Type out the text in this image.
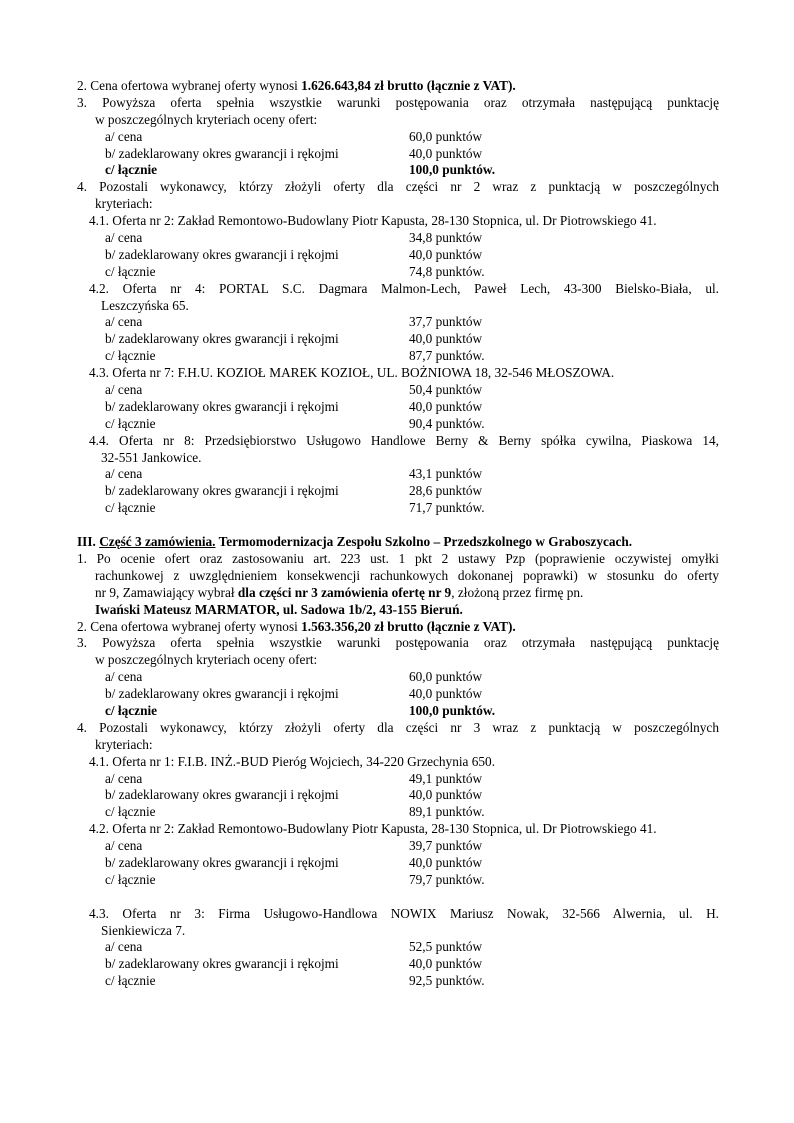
2. Cena ofertowa wybranej oferty wynosi 1.626.643,84 zł brutto (łącznie z VAT).
3. Powyższa oferta spełnia wszystkie warunki postępowania oraz otrzymała następującą punktację
w poszczególnych kryteriach oceny ofert:
a/ cena	60,0 punktów
b/ zadeklarowany okres gwarancji i rękojmi	40,0 punktów
c/ łącznie	100,0 punktów.
4. Pozostali wykonawcy, którzy złożyli oferty dla części nr 2 wraz z punktacją w poszczególnych
kryteriach:
4.1. Oferta nr 2: Zakład Remontowo-Budowlany Piotr Kapusta, 28-130 Stopnica, ul. Dr Piotrowskiego 41.
a/ cena	34,8 punktów
b/ zadeklarowany okres gwarancji i rękojmi	40,0 punktów
c/ łącznie	74,8 punktów.
4.2. Oferta nr 4: PORTAL S.C. Dagmara Malmon-Lech, Paweł Lech, 43-300 Bielsko-Biała, ul.
Leszczyńska 65.
a/ cena	37,7 punktów
b/ zadeklarowany okres gwarancji i rękojmi	40,0 punktów
c/ łącznie	87,7 punktów.
4.3. Oferta nr 7: F.H.U. KOZIOŁ MAREK KOZIOŁ, UL. BOŻNIOWA 18, 32-546 MŁOSZOWA.
a/ cena	50,4 punktów
b/ zadeklarowany okres gwarancji i rękojmi	40,0 punktów
c/ łącznie	90,4 punktów.
4.4. Oferta nr 8: Przedsiębiorstwo Usługowo Handlowe Berny & Berny spółka cywilna, Piaskowa 14,
32-551 Jankowice.
a/ cena	43,1 punktów
b/ zadeklarowany okres gwarancji i rękojmi	28,6 punktów
c/ łącznie	71,7 punktów.
III. Część 3 zamówienia. Termomodernizacja Zespołu Szkolno – Przedszkolnego w Graboszycach.
1. Po ocenie ofert oraz zastosowaniu art. 223 ust. 1 pkt 2 ustawy Pzp (poprawienie oczywistej omyłki
rachunkowej z uwzględnieniem konsekwencji rachunkowych dokonanej poprawki) w stosunku do oferty
nr 9, Zamawiający wybrał dla części nr 3 zamówienia ofertę nr 9, złożoną przez firmę pn.
Iwański Mateusz MARMATOR, ul. Sadowa 1b/2, 43-155 Bieruń.
2. Cena ofertowa wybranej oferty wynosi 1.563.356,20 zł brutto (łącznie z VAT).
3. Powyższa oferta spełnia wszystkie warunki postępowania oraz otrzymała następującą punktację
w poszczególnych kryteriach oceny ofert:
a/ cena	60,0 punktów
b/ zadeklarowany okres gwarancji i rękojmi	40,0 punktów
c/ łącznie	100,0 punktów.
4. Pozostali wykonawcy, którzy złożyli oferty dla części nr 3 wraz z punktacją w poszczególnych
kryteriach:
4.1. Oferta nr 1: F.I.B. INŻ.-BUD Pieróg Wojciech, 34-220 Grzechynia 650.
a/ cena	49,1 punktów
b/ zadeklarowany okres gwarancji i rękojmi	40,0 punktów
c/ łącznie	89,1 punktów.
4.2. Oferta nr 2: Zakład Remontowo-Budowlany Piotr Kapusta, 28-130 Stopnica, ul. Dr Piotrowskiego 41.
a/ cena	39,7 punktów
b/ zadeklarowany okres gwarancji i rękojmi	40,0 punktów
c/ łącznie	79,7 punktów.
4.3. Oferta nr 3: Firma Usługowo-Handlowa NOWIX Mariusz Nowak, 32-566 Alwernia, ul. H.
Sienkiewicza 7.
a/ cena	52,5 punktów
b/ zadeklarowany okres gwarancji i rękojmi	40,0 punktów
c/ łącznie	92,5 punktów.
